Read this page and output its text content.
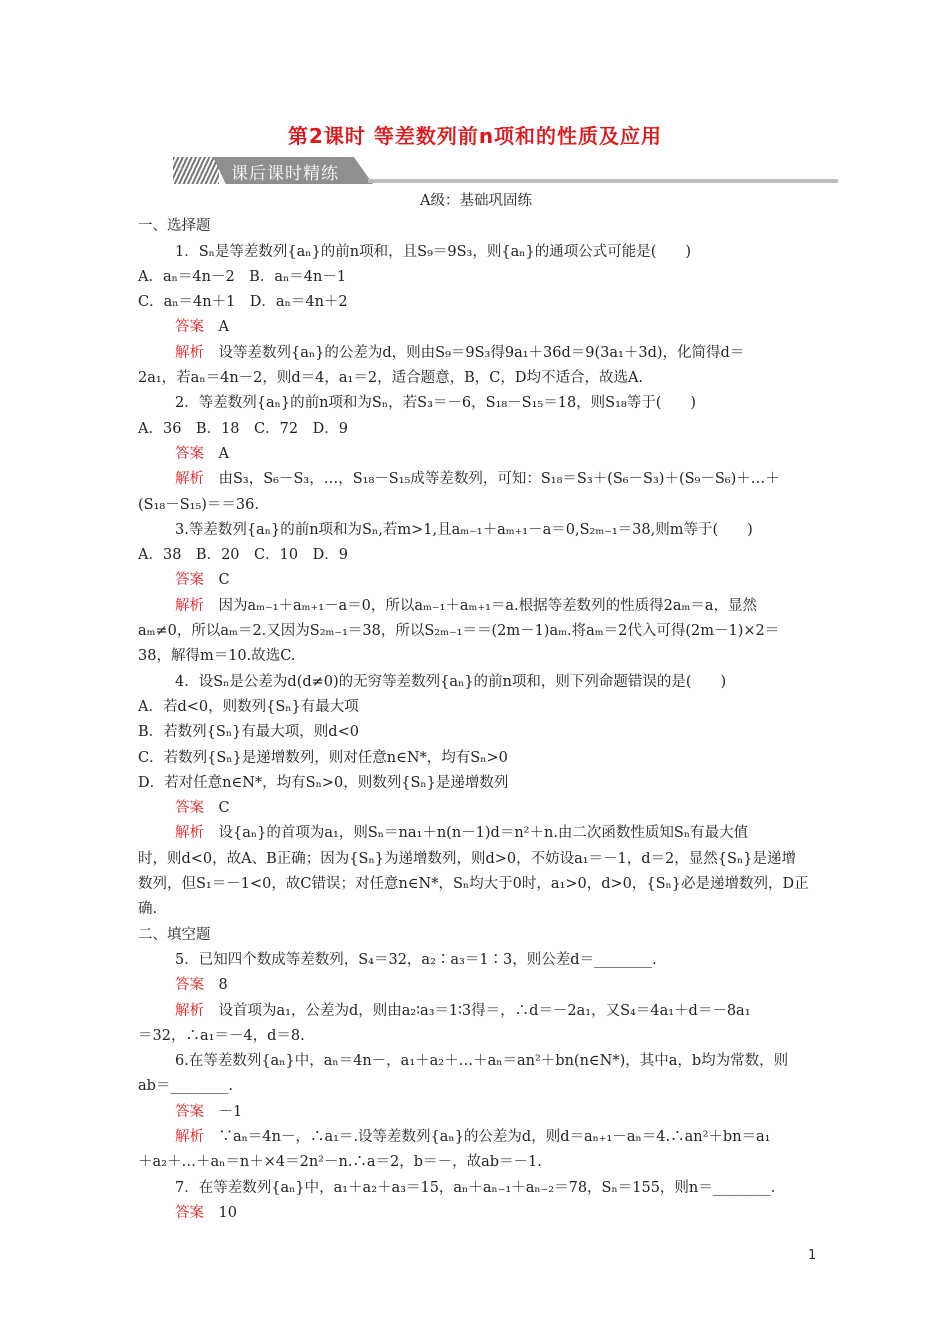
第2课时 等差数列前n项和的性质及应用
课后课时精练
A级：基础巩固练
一、选择题
1．Sₙ是等差数列{aₙ}的前n项和，且S₉＝9S₃，则{aₙ}的通项公式可能是(　　)
A．aₙ＝4n－2　B．aₙ＝4n－1
C．aₙ＝4n＋1　D．aₙ＝4n＋2
答案　 A
解析　 设等差数列{aₙ}的公差为d，则由S₉＝9S₃得9a₁＋36d＝9(3a₁＋3d)，化简得d＝
2a₁，若aₙ＝4n－2，则d＝4，a₁＝2，适合题意，B，C，D均不适合，故选A.
2．等差数列{aₙ}的前n项和为Sₙ，若S₃＝－6，S₁₈－S₁₅＝18，则S₁₈等于(　　)
A．36　B．18　C．72　D．9
答案　 A
解析　 由S₃，S₆－S₃，…，S₁₈－S₁₅成等差数列，可知：S₁₈＝S₃＋(S₆－S₃)＋(S₉－S₆)＋…＋
(S₁₈－S₁₅)＝＝36.
3.等差数列{aₙ}的前n项和为Sₙ,若m>1,且aₘ₋₁＋aₘ₊₁－a＝0,S₂ₘ₋₁＝38,则m等于(　　)
A．38　B．20　C．10　D．9
答案　 C
解析　 因为aₘ₋₁＋aₘ₊₁－a＝0，所以aₘ₋₁＋aₘ₊₁＝a.根据等差数列的性质得2aₘ＝a，显然
aₘ≠0，所以aₘ＝2.又因为S₂ₘ₋₁＝38，所以S₂ₘ₋₁＝＝(2m－1)aₘ.将aₘ＝2代入可得(2m－1)×2＝
38，解得m＝10.故选C.
4．设Sₙ是公差为d(d≠0)的无穷等差数列{aₙ}的前n项和，则下列命题错误的是(　　)
A．若d<0，则数列{Sₙ}有最大项
B．若数列{Sₙ}有最大项，则d<0
C．若数列{Sₙ}是递增数列，则对任意n∈N*，均有Sₙ>0
D．若对任意n∈N*，均有Sₙ>0，则数列{Sₙ}是递增数列
答案　 C
解析　 设{aₙ}的首项为a₁，则Sₙ＝na₁＋n(n－1)d＝n²＋n.由二次函数性质知Sₙ有最大值
时，则d<0，故A、B正确；因为{Sₙ}为递增数列，则d>0，不妨设a₁＝－1，d＝2，显然{Sₙ}是递增
数列，但S₁＝－1<0，故C错误；对任意n∈N*，Sₙ均大于0时，a₁>0，d>0，{Sₙ}必是递增数列，D正
确.
二、填空题
5．已知四个数成等差数列，S₄＝32，a₂∶a₃＝1∶3，则公差d＝________.
答案　 8
解析　 设首项为a₁，公差为d，则由a₂∶a₃＝1∶3得＝，∴d＝－2a₁，又S₄＝4a₁＋d＝－8a₁
＝32，∴a₁＝－4，d＝8.
6.在等差数列{aₙ}中，aₙ＝4n－，a₁＋a₂＋…＋aₙ＝an²＋bn(n∈N*)，其中a，b均为常数，则
ab＝________.
答案　 －1
解析　 ∵aₙ＝4n－，∴a₁＝.设等差数列{aₙ}的公差为d，则d＝aₙ₊₁－aₙ＝4.∴an²＋bn＝a₁
＋a₂＋…＋aₙ＝n＋×4＝2n²－n.∴a＝2，b＝－，故ab＝－1.
7．在等差数列{aₙ}中，a₁＋a₂＋a₃＝15，aₙ＋aₙ₋₁＋aₙ₋₂＝78，Sₙ＝155，则n＝________.
答案　 10
1
